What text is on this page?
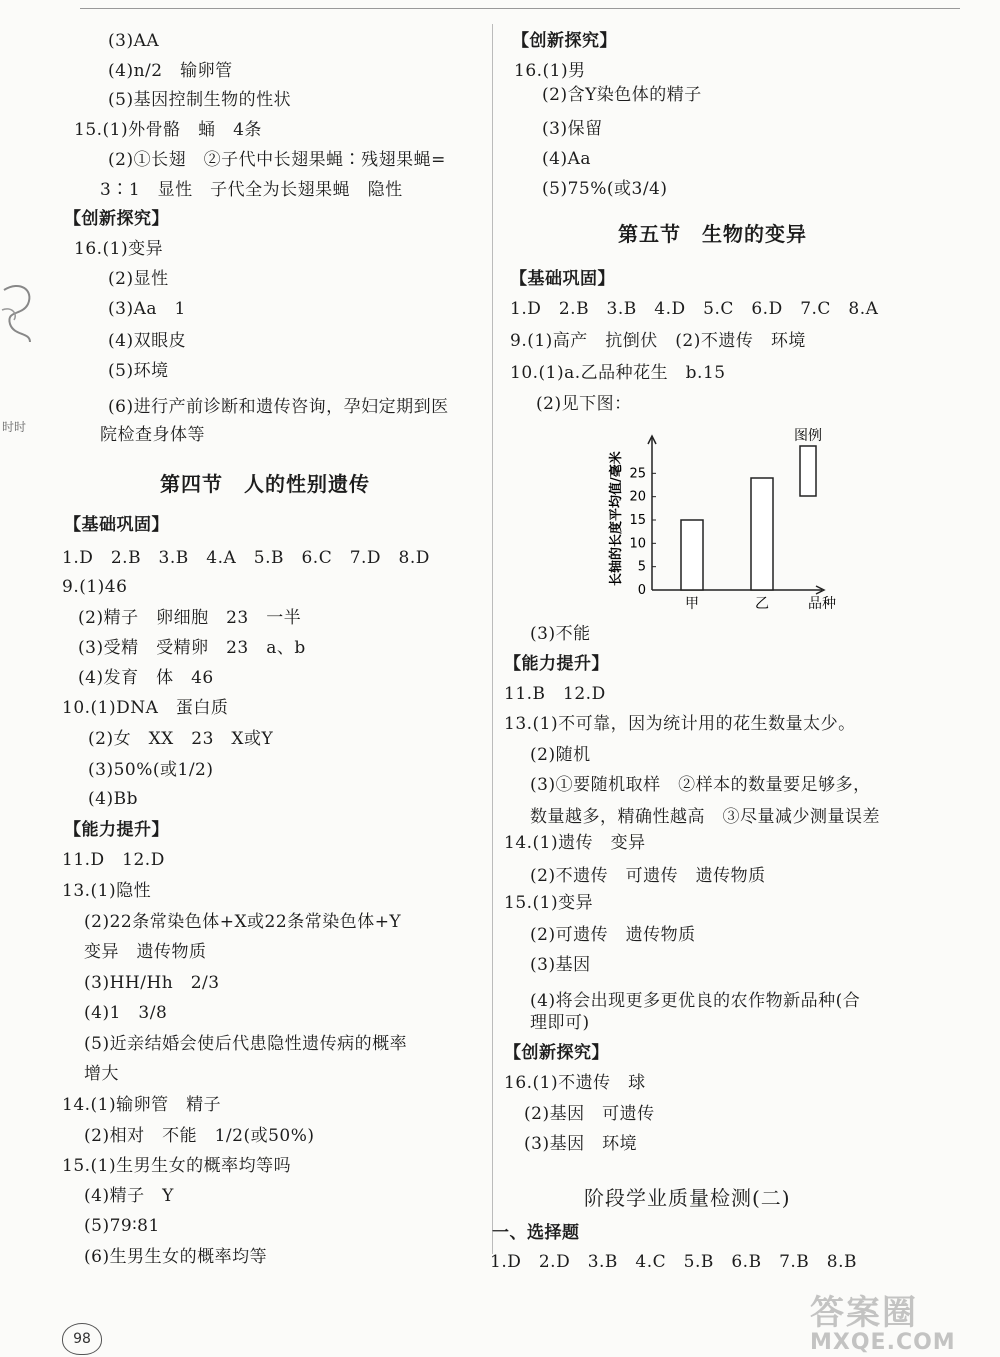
时时
(3)AA
(4)n/2　输卵管
(5)基因控制生物的性状
15.(1)外骨骼　蛹　4条
(2)①长翅　②子代中长翅果蝇∶残翅果蝇=
3∶1　显性　子代全为长翅果蝇　隐性
【创新探究】
16.(1)变异
(2)显性
(3)Aa　1
(4)双眼皮
(5)环境
(6)进行产前诊断和遗传咨询，孕妇定期到医
院检查身体等
第四节　人的性别遗传
【基础巩固】
1.D　2.B　3.B　4.A　5.B　6.C　7.D　8.D
9.(1)46
(2)精子　卵细胞　23　一半
(3)受精　受精卵　23　a、b
(4)发育　体　46
10.(1)DNA　蛋白质
(2)女　XX　23　X或Y
(3)50%(或1/2)
(4)Bb
【能力提升】
11.D　12.D
13.(1)隐性
(2)22条常染色体+X或22条常染色体+Y
变异　遗传物质
(3)HH/Hh　2/3
(4)1　3/8
(5)近亲结婚会使后代患隐性遗传病的概率
增大
14.(1)输卵管　精子
(2)相对　不能　1/2(或50%)
15.(1)生男生女的概率均等吗
(4)精子　Y
(5)79∶81
(6)生男生女的概率均等
【创新探究】
16.(1)男
(2)含Y染色体的精子
(3)保留
(4)Aa
(5)75%(或3/4)
第五节　生物的变异
【基础巩固】
1.D　2.B　3.B　4.D　5.C　6.D　7.C　8.A
9.(1)高产　抗倒伏　(2)不遗传　环境
10.(1)a.乙品种花生　b.15
(2)见下图：
(3)不能
【能力提升】
11.B　12.D
13.(1)不可靠，因为统计用的花生数量太少。
(2)随机
(3)①要随机取样　②样本的数量要足够多，
数量越多，精确性越高　③尽量减少测量误差
14.(1)遗传　变异
(2)不遗传　可遗传　遗传物质
15.(1)变异
(2)可遗传　遗传物质
(3)基因
(4)将会出现更多更优良的农作物新品种(合
理即可)
【创新探究】
16.(1)不遗传　球
(2)基因　可遗传
(3)基因　环境
阶段学业质量检测(二)
一、选择题
1.D　2.D　3.B　4.C　5.B　6.B　7.B　8.B
0
5
10
15
20
25
甲	乙	品种
长轴的长度平均值/毫米
图例
98
答案圈
MXQE.COM
